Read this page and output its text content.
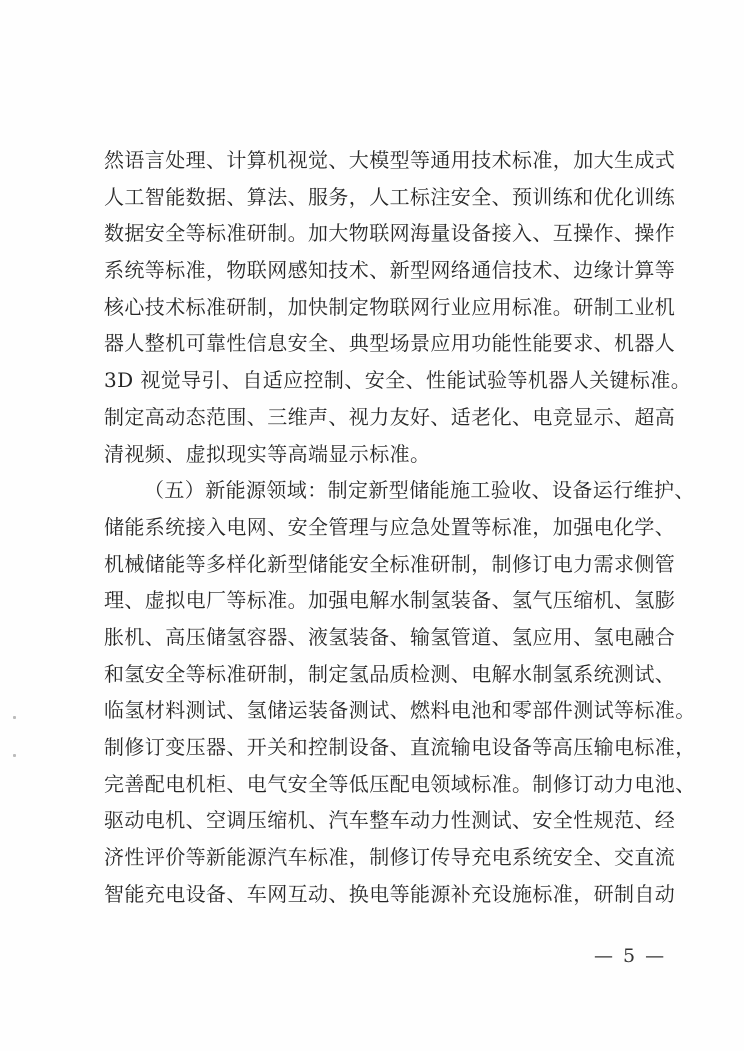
然语言处理、计算机视觉、大模型等通用技术标准，加大生成式
人工智能数据、算法、服务，人工标注安全、预训练和优化训练
数据安全等标准研制。加大物联网海量设备接入、互操作、操作
系统等标准，物联网感知技术、新型网络通信技术、边缘计算等
核心技术标准研制，加快制定物联网行业应用标准。研制工业机
器人整机可靠性信息安全、典型场景应用功能性能要求、机器人
3D 视觉导引、自适应控制、安全、性能试验等机器人关键标准。
制定高动态范围、三维声、视力友好、适老化、电竞显示、超高
清视频、虚拟现实等高端显示标准。
（五）新能源领域：制定新型储能施工验收、设备运行维护、
储能系统接入电网、安全管理与应急处置等标准，加强电化学、
机械储能等多样化新型储能安全标准研制，制修订电力需求侧管
理、虚拟电厂等标准。加强电解水制氢装备、氢气压缩机、氢膨
胀机、高压储氢容器、液氢装备、输氢管道、氢应用、氢电融合
和氢安全等标准研制，制定氢品质检测、电解水制氢系统测试、
临氢材料测试、氢储运装备测试、燃料电池和零部件测试等标准。
制修订变压器、开关和控制设备、直流输电设备等高压输电标准，
完善配电机柜、电气安全等低压配电领域标准。制修订动力电池、
驱动电机、空调压缩机、汽车整车动力性测试、安全性规范、经
济性评价等新能源汽车标准，制修订传导充电系统安全、交直流
智能充电设备、车网互动、换电等能源补充设施标准，研制自动
— 5 —
